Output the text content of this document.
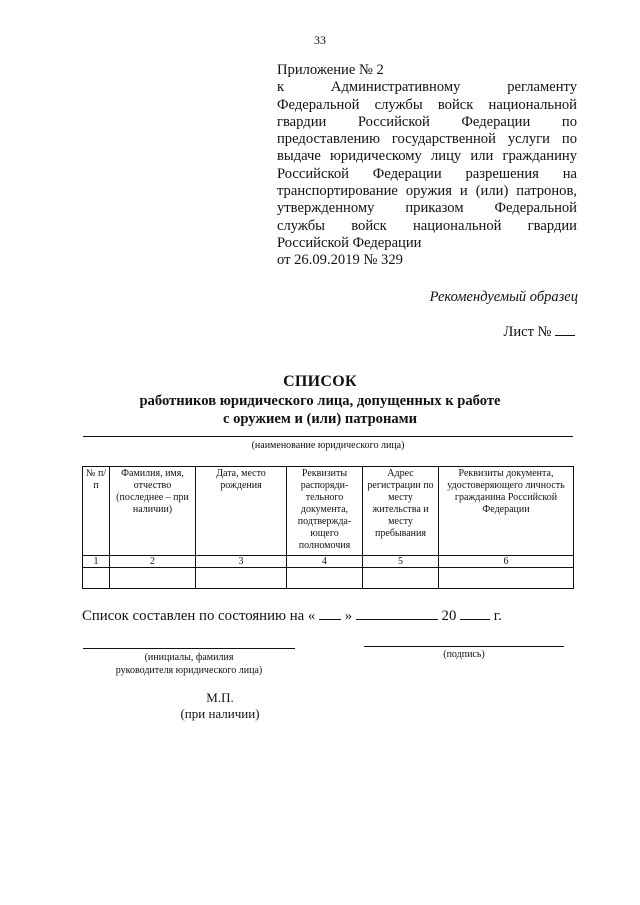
33
Приложение № 2
к Административному регламенту
Федеральной службы войск национальной
гвардии Российской Федерации по
предоставлению государственной услуги по
выдаче юридическому лицу или гражданину
Российской Федерации разрешения на
транспортирование оружия и (или) патронов,
утвержденному приказом Федеральной
службы войск национальной гвардии
Российской Федерации
от 26.09.2019 № 329
Рекомендуемый образец
Лист №
СПИСОК
работников юридического лица, допущенных к работе
с оружием и (или) патронами
(наименование юридического лица)
№ п/п	Фамилия, имя, отчество (последнее – при наличии)	Дата, место рождения	Реквизиты распоряди- тельного документа, подтвержда- ющего полномочия	Адрес регистрации по месту жительства и месту пребывания	Реквизиты документа, удостоверяющего личность гражданина Российской Федерации
1	2	3	4	5	6

Список составлен по состоянию на « »	20	г.
(инициалы, фамилия
руководителя юридического лица)
(подпись)
М.П.
(при наличии)
